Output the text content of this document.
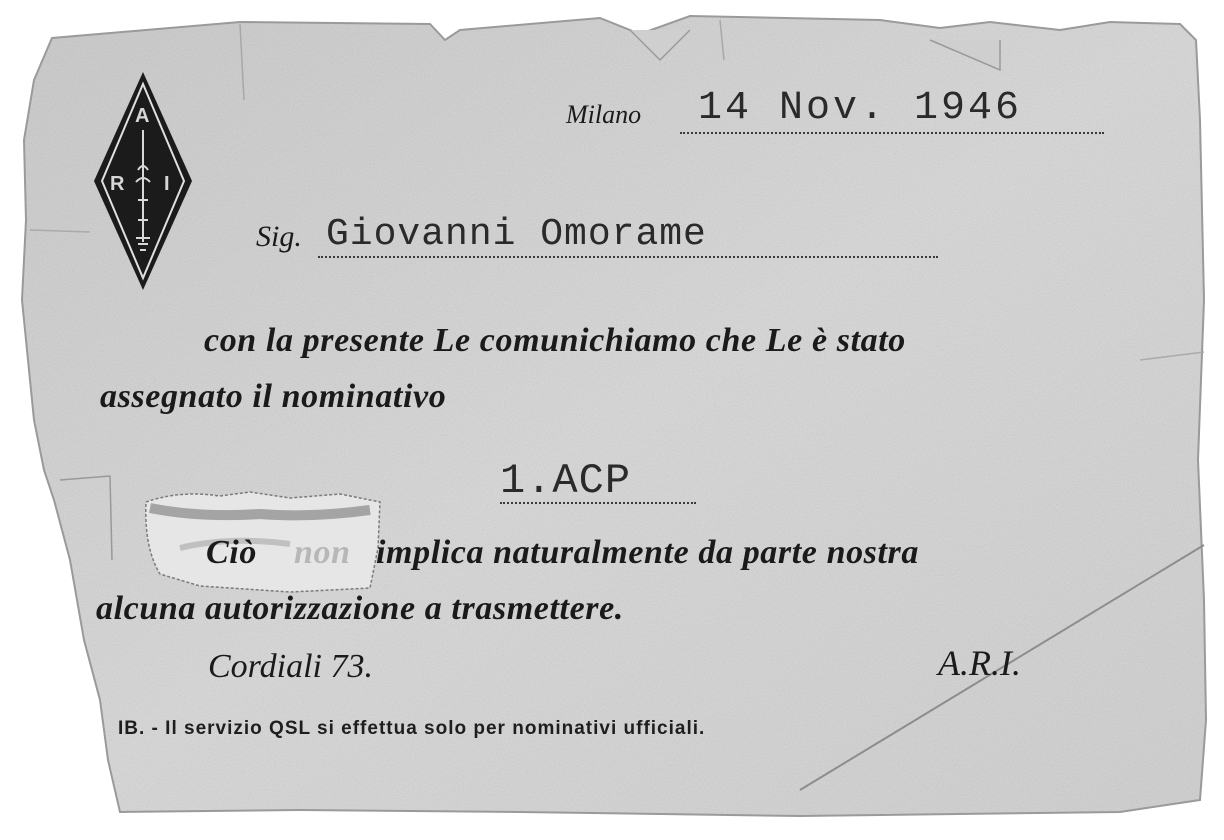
A
R I

Milano	14 Nov. 1946

Sig. Giovanni Omorame

con la presente Le comunichiamo che Le è stato

assegnato il nominativo

1.ACP

Ciò non implica naturalmente da parte nostra

alcuna autorizzazione a trasmettere.

Cordiali 73.	A.R.I.

IB. - Il servizio QSL si effettua solo per nominativi ufficiali.
